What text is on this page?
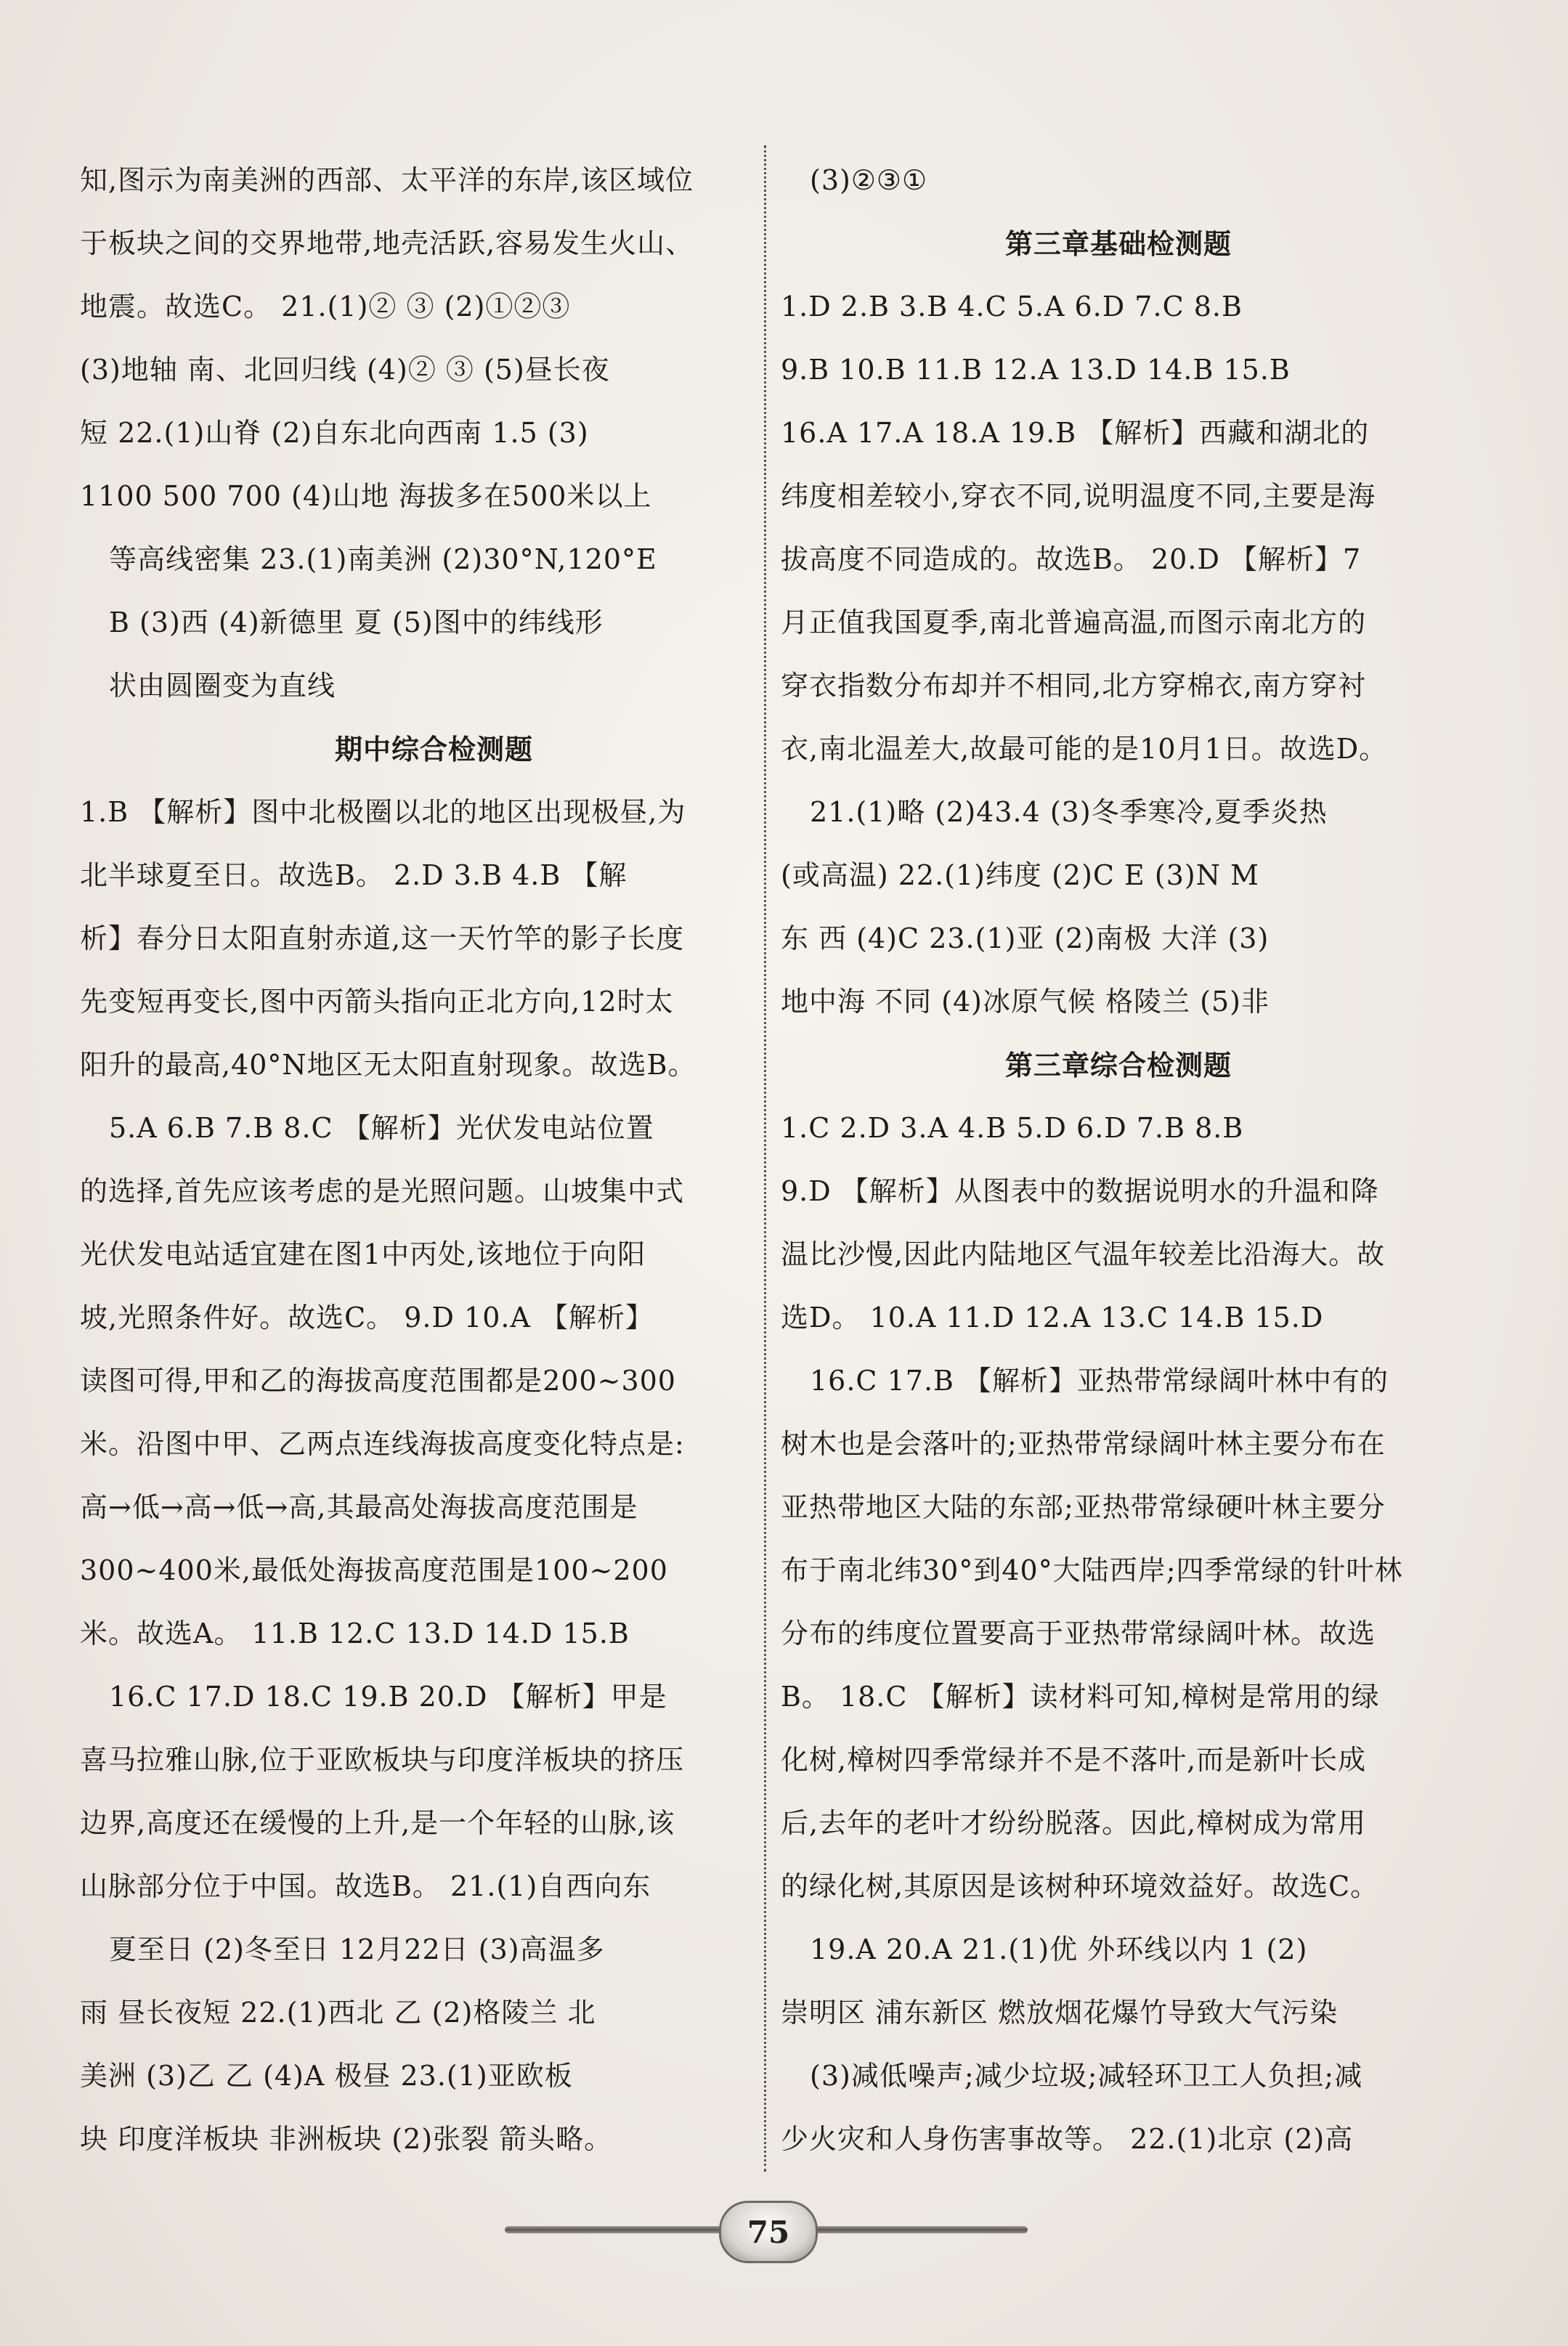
知,图示为南美洲的西部、太平洋的东岸,该区域位
于板块之间的交界地带,地壳活跃,容易发生火山、
地震。故选C。 21.(1)② ③ (2)①②③
(3)地轴 南、北回归线 (4)② ③ (5)昼长夜
短 22.(1)山脊 (2)自东北向西南 1.5 (3)
1100 500 700 (4)山地 海拔多在500米以上
等高线密集 23.(1)南美洲 (2)30°N,120°E
B (3)西 (4)新德里 夏 (5)图中的纬线形
状由圆圈变为直线
期中综合检测题
1.B 【解析】图中北极圈以北的地区出现极昼,为
北半球夏至日。故选B。 2.D 3.B 4.B 【解
析】春分日太阳直射赤道,这一天竹竿的影子长度
先变短再变长,图中丙箭头指向正北方向,12时太
阳升的最高,40°N地区无太阳直射现象。故选B。
5.A 6.B 7.B 8.C 【解析】光伏发电站位置
的选择,首先应该考虑的是光照问题。山坡集中式
光伏发电站适宜建在图1中丙处,该地位于向阳
坡,光照条件好。故选C。 9.D 10.A 【解析】
读图可得,甲和乙的海拔高度范围都是200~300
米。沿图中甲、乙两点连线海拔高度变化特点是:
高→低→高→低→高,其最高处海拔高度范围是
300~400米,最低处海拔高度范围是100~200
米。故选A。 11.B 12.C 13.D 14.D 15.B
16.C 17.D 18.C 19.B 20.D 【解析】甲是
喜马拉雅山脉,位于亚欧板块与印度洋板块的挤压
边界,高度还在缓慢的上升,是一个年轻的山脉,该
山脉部分位于中国。故选B。 21.(1)自西向东
夏至日 (2)冬至日 12月22日 (3)高温多
雨 昼长夜短 22.(1)西北 乙 (2)格陵兰 北
美洲 (3)乙 乙 (4)A 极昼 23.(1)亚欧板
块 印度洋板块 非洲板块 (2)张裂 箭头略。
(3)②③①
第三章基础检测题
1.D 2.B 3.B 4.C 5.A 6.D 7.C 8.B
9.B 10.B 11.B 12.A 13.D 14.B 15.B
16.A 17.A 18.A 19.B 【解析】西藏和湖北的
纬度相差较小,穿衣不同,说明温度不同,主要是海
拔高度不同造成的。故选B。 20.D 【解析】7
月正值我国夏季,南北普遍高温,而图示南北方的
穿衣指数分布却并不相同,北方穿棉衣,南方穿衬
衣,南北温差大,故最可能的是10月1日。故选D。
21.(1)略 (2)43.4 (3)冬季寒冷,夏季炎热
(或高温) 22.(1)纬度 (2)C E (3)N M
东 西 (4)C 23.(1)亚 (2)南极 大洋 (3)
地中海 不同 (4)冰原气候 格陵兰 (5)非
第三章综合检测题
1.C 2.D 3.A 4.B 5.D 6.D 7.B 8.B
9.D 【解析】从图表中的数据说明水的升温和降
温比沙慢,因此内陆地区气温年较差比沿海大。故
选D。 10.A 11.D 12.A 13.C 14.B 15.D
16.C 17.B 【解析】亚热带常绿阔叶林中有的
树木也是会落叶的;亚热带常绿阔叶林主要分布在
亚热带地区大陆的东部;亚热带常绿硬叶林主要分
布于南北纬30°到40°大陆西岸;四季常绿的针叶林
分布的纬度位置要高于亚热带常绿阔叶林。故选
B。 18.C 【解析】读材料可知,樟树是常用的绿
化树,樟树四季常绿并不是不落叶,而是新叶长成
后,去年的老叶才纷纷脱落。因此,樟树成为常用
的绿化树,其原因是该树种环境效益好。故选C。
19.A 20.A 21.(1)优 外环线以内 1 (2)
崇明区 浦东新区 燃放烟花爆竹导致大气污染
(3)减低噪声;减少垃圾;减轻环卫工人负担;减
少火灾和人身伤害事故等。 22.(1)北京 (2)高
75
